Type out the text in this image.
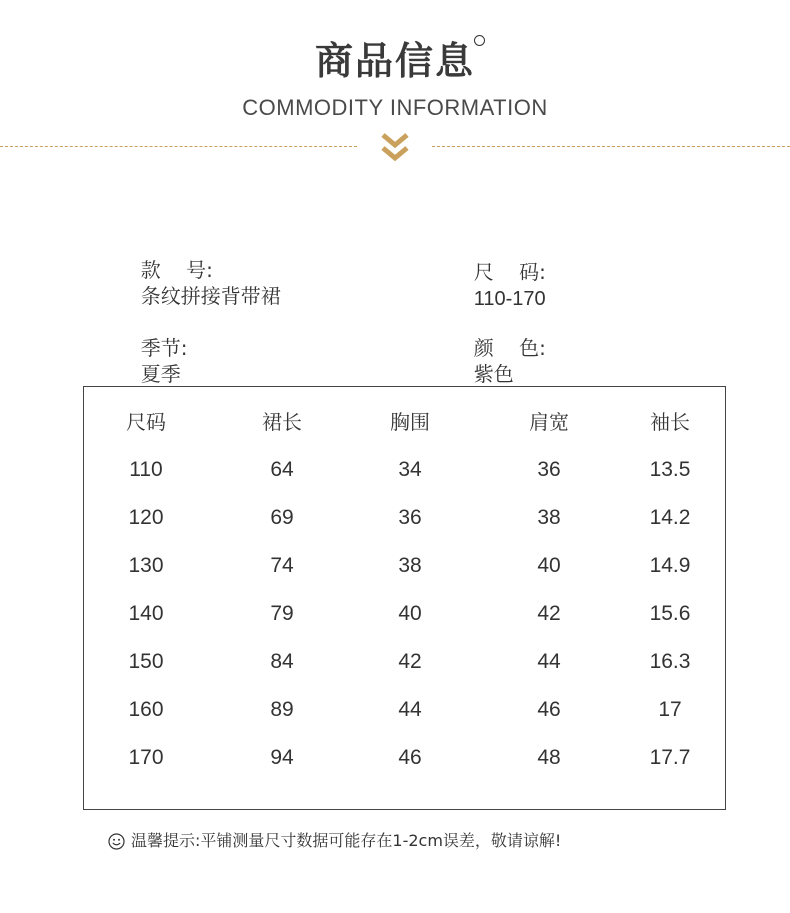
商品信息
COMMODITY INFORMATION

款    号:
条纹拼接背带裙

尺    码:
110-170

季节:
夏季

颜    色:
紫色

尺码	裙长	胸围	肩宽	袖长
110	64	34	36	13.5
120	69	36	38	14.2
130	74	38	40	14.9
140	79	40	42	15.6
150	84	42	44	16.3
160	89	44	46	17
170	94	46	48	17.7
温馨提示:平铺测量尺寸数据可能存在1-2cm误差，敬请谅解!
